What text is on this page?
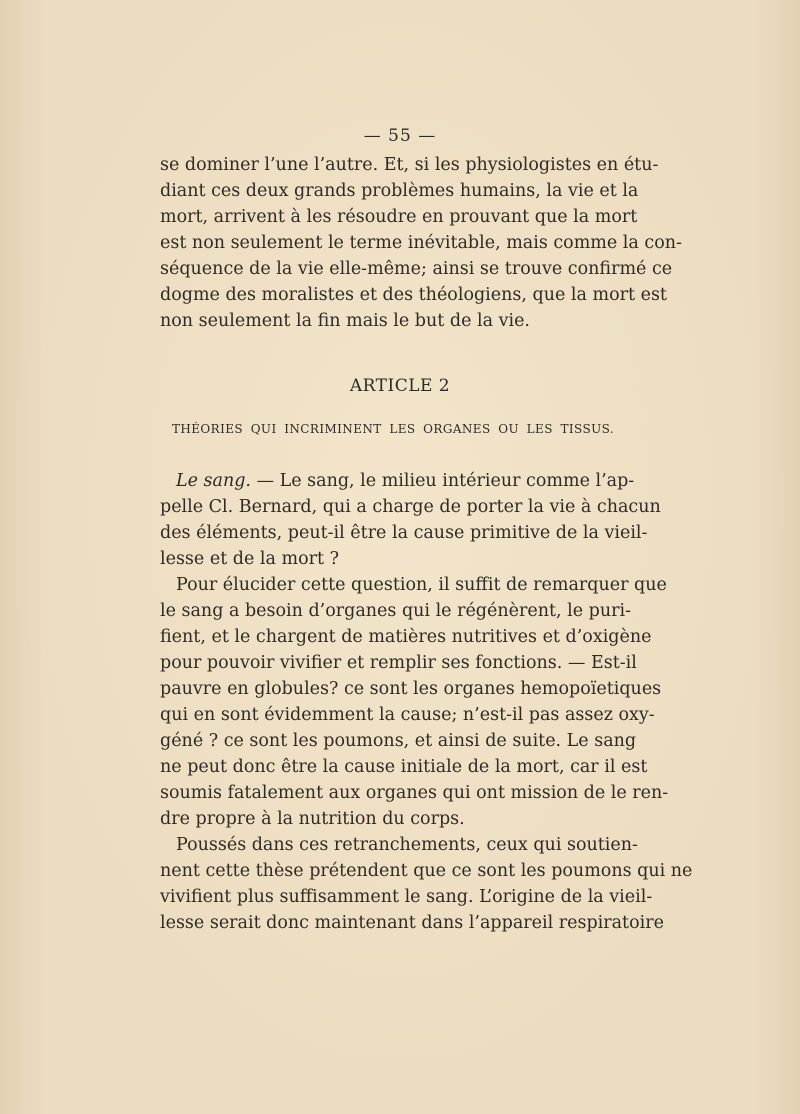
— 55 —
se dominer l’une l’autre. Et, si les physiologistes en étu-
diant ces deux grands problèmes humains, la vie et la
mort, arrivent à les résoudre en prouvant que la mort
est non seulement le terme inévitable, mais comme la con-
séquence de la vie elle-même; ainsi se trouve confirmé ce
dogme des moralistes et des théologiens, que la mort est
non seulement la fin mais le but de la vie.
ARTICLE 2
THÉORIES QUI INCRIMINENT LES ORGANES OU LES TISSUS.
Le sang. — Le sang, le milieu intérieur comme l’ap-
pelle Cl. Bernard, qui a charge de porter la vie à chacun
des éléments, peut-il être la cause primitive de la vieil-
lesse et de la mort ?
Pour élucider cette question, il suffit de remarquer que
le sang a besoin d’organes qui le régénèrent, le puri-
fient, et le chargent de matières nutritives et d’oxigène
pour pouvoir vivifier et remplir ses fonctions. — Est-il
pauvre en globules? ce sont les organes hemopoïetiques
qui en sont évidemment la cause; n’est-il pas assez oxy-
géné ? ce sont les poumons, et ainsi de suite. Le sang
ne peut donc être la cause initiale de la mort, car il est
soumis fatalement aux organes qui ont mission de le ren-
dre propre à la nutrition du corps.
Poussés dans ces retranchements, ceux qui soutien-
nent cette thèse prétendent que ce sont les poumons qui ne
vivifient plus suffisamment le sang. L’origine de la vieil-
lesse serait donc maintenant dans l’appareil respiratoire
